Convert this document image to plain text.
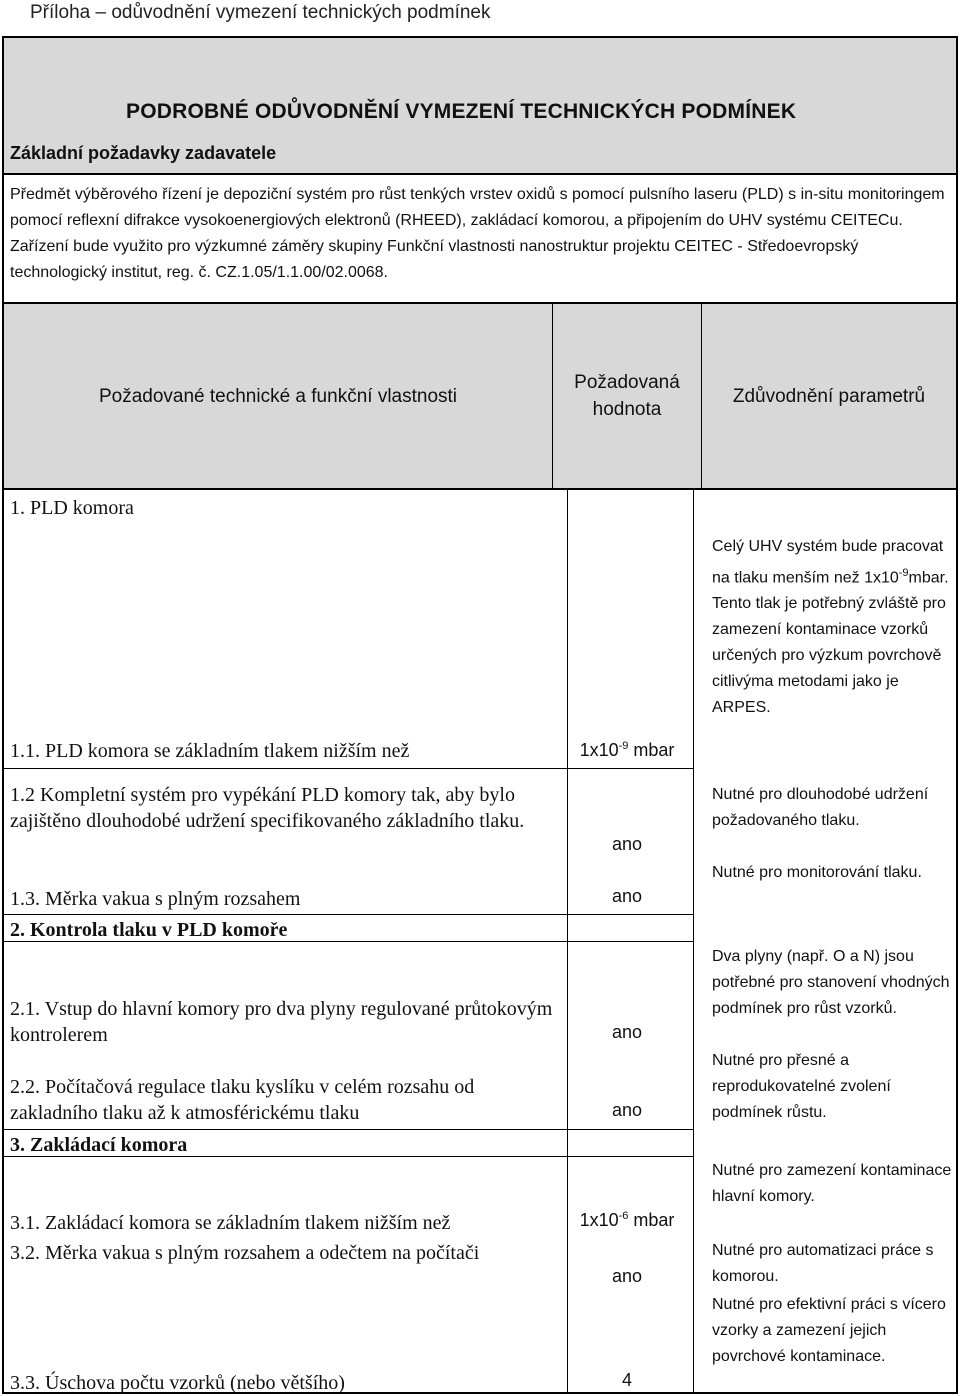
Příloha – odůvodnění vymezení technických podmínek
PODROBNÉ ODŮVODNĚNÍ VYMEZENÍ TECHNICKÝCH PODMÍNEK
Základní požadavky zadavatele
Předmět výběrového řízení je depoziční systém pro růst tenkých vrstev oxidů s pomocí pulsního laseru (PLD) s in-situ monitoringem pomocí reflexní difrakce vysokoenergiových elektronů (RHEED), zakládací komorou, a připojením do UHV systému CEITECu. Zařízení bude využito pro výzkumné záměry skupiny Funkční vlastnosti nanostruktur projektu CEITEC - Středoevropský technologický institut, reg. č. CZ.1.05/1.1.00/02.0068.
Požadované technické a funkční vlastnosti
Požadovaná hodnota
Zdůvodnění parametrů
1. PLD komora
2. Kontrola tlaku v PLD komoře
3. Zakládací komora
1.1. PLD komora se základním tlakem nižším než
1.2 Kompletní systém pro vypékání PLD komory tak, aby bylo zajištěno dlouhodobé udržení specifikovaného základního tlaku.
1.3. Měrka vakua s plným rozsahem
2.1. Vstup do hlavní komory pro dva plyny regulované průtokovým kontrolerem
2.2. Počítačová regulace tlaku kyslíku v celém rozsahu od zakladního tlaku až k atmosférickému tlaku
3.1. Zakládací komora se základním tlakem nižším než
3.2. Měrka vakua s plným rozsahem a odečtem na počítači
3.3. Úschova počtu vzorků (nebo většího)
$1x10^{-9}$ mbar
ano
ano
ano
ano
$1x10^{-6}$ mbar
ano
4
Celý UHV systém bude pracovat na tlaku menším než $1x10^{-9}mbar$. Tento tlak je potřebný zvláště pro zamezení kontaminace vzorků určených pro výzkum povrchově citlivýma metodami jako je ARPES.
Nutné pro dlouhodobé udržení požadovaného tlaku.
Nutné pro monitorování tlaku.
Dva plyny (např. O a N) jsou potřebné pro stanovení vhodných podmínek pro růst vzorků.
Nutné pro přesné a reprodukovatelné zvolení podmínek růstu.
Nutné pro zamezení kontaminace hlavní komory.
Nutné pro automatizaci práce s komorou.
Nutné pro efektivní práci s vícero vzorky a zamezení jejich povrchové kontaminace.
